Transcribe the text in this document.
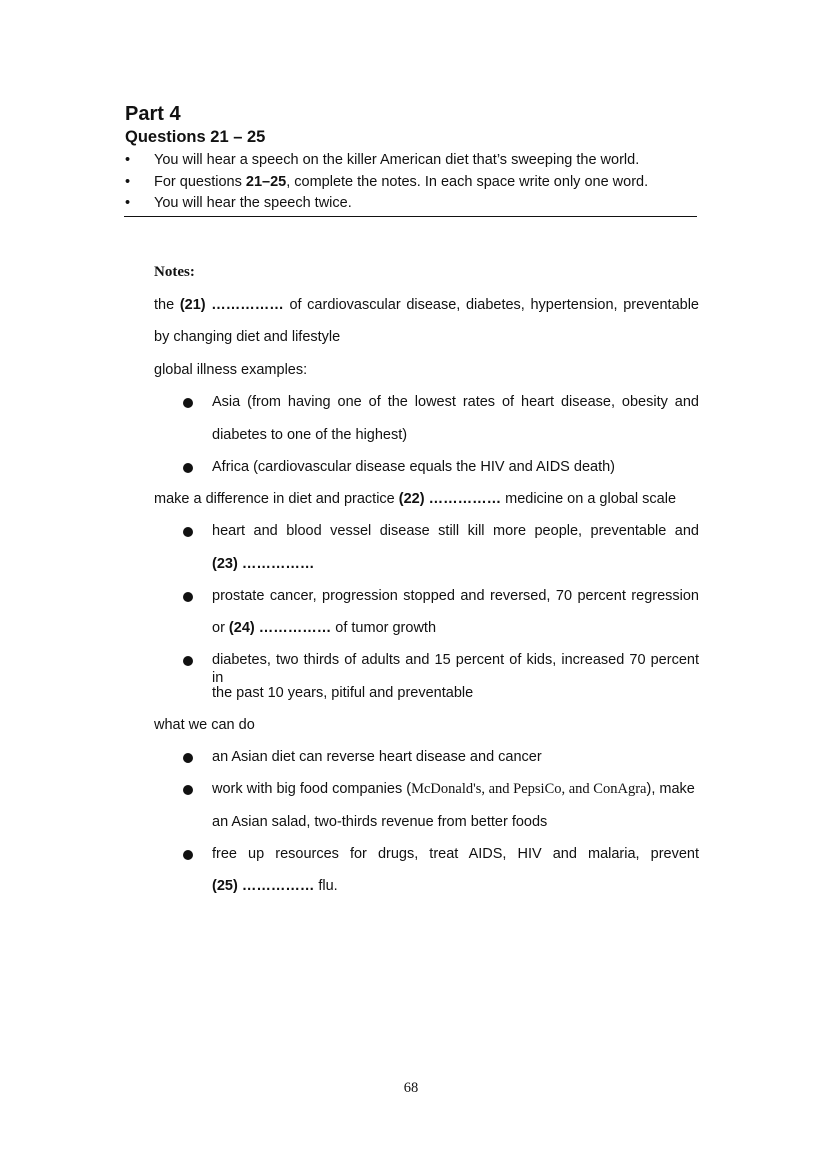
Part 4
Questions 21 – 25
• You will hear a speech on the killer American diet that’s sweeping the world.
• For questions 21–25, complete the notes. In each space write only one word.
• You will hear the speech twice.
Notes:
the (21) …………… of cardiovascular disease, diabetes, hypertension, preventable
by changing diet and lifestyle
global illness examples:
Asia (from having one of the lowest rates of heart disease, obesity and
diabetes to one of the highest)
Africa (cardiovascular disease equals the HIV and AIDS death)
make a difference in diet and practice (22) …………… medicine on a global scale
heart and blood vessel disease still kill more people, preventable and
(23) ……………
prostate cancer, progression stopped and reversed, 70 percent regression
or (24) …………… of tumor growth
diabetes, two thirds of adults and 15 percent of kids, increased 70 percent in
the past 10 years, pitiful and preventable
what we can do
an Asian diet can reverse heart disease and cancer
work with big food companies (McDonald's, and PepsiCo, and ConAgra), make
an Asian salad, two-thirds revenue from better foods
free up resources for drugs, treat AIDS, HIV and malaria, prevent
(25) …………… flu.
68
